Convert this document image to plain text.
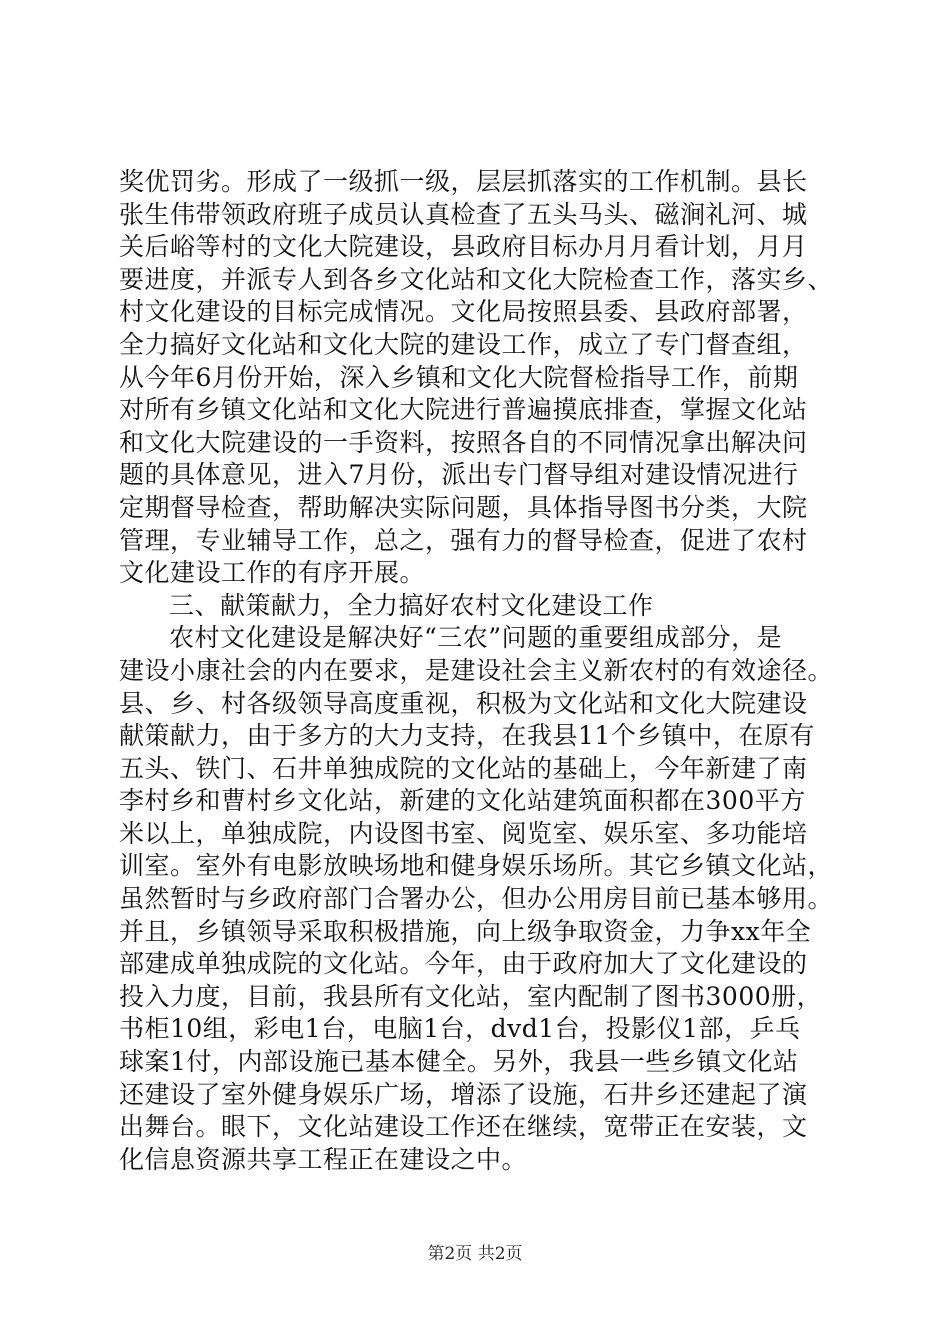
奖优罚劣。形成了一级抓一级，层层抓落实的工作机制。县长
张生伟带领政府班子成员认真检查了五头马头、磁涧礼河、城
关后峪等村的文化大院建设，县政府目标办月月看计划，月月
要进度，并派专人到各乡文化站和文化大院检查工作，落实乡、
村文化建设的目标完成情况。文化局按照县委、县政府部署，
全力搞好文化站和文化大院的建设工作，成立了专门督查组，
从今年6月份开始，深入乡镇和文化大院督检指导工作，前期
对所有乡镇文化站和文化大院进行普遍摸底排查，掌握文化站
和文化大院建设的一手资料，按照各自的不同情况拿出解决问
题的具体意见，进入7月份，派出专门督导组对建设情况进行
定期督导检查，帮助解决实际问题，具体指导图书分类，大院
管理，专业辅导工作，总之，强有力的督导检查，促进了农村
文化建设工作的有序开展。
三、献策献力，全力搞好农村文化建设工作
农村文化建设是解决好“三农”问题的重要组成部分，是
建设小康社会的内在要求，是建设社会主义新农村的有效途径。
县、乡、村各级领导高度重视，积极为文化站和文化大院建设
献策献力，由于多方的大力支持，在我县11个乡镇中，在原有
五头、铁门、石井单独成院的文化站的基础上，今年新建了南
李村乡和曹村乡文化站，新建的文化站建筑面积都在300平方
米以上，单独成院，内设图书室、阅览室、娱乐室、多功能培
训室。室外有电影放映场地和健身娱乐场所。其它乡镇文化站，
虽然暂时与乡政府部门合署办公，但办公用房目前已基本够用。
并且，乡镇领导采取积极措施，向上级争取资金，力争xx年全
部建成单独成院的文化站。今年，由于政府加大了文化建设的
投入力度，目前，我县所有文化站，室内配制了图书3000册，
书柜10组，彩电1台，电脑1台，dvd1台，投影仪1部，乒乓
球案1付，内部设施已基本健全。另外，我县一些乡镇文化站
还建设了室外健身娱乐广场，增添了设施，石井乡还建起了演
出舞台。眼下，文化站建设工作还在继续，宽带正在安装，文
化信息资源共享工程正在建设之中。
第2页 共2页
